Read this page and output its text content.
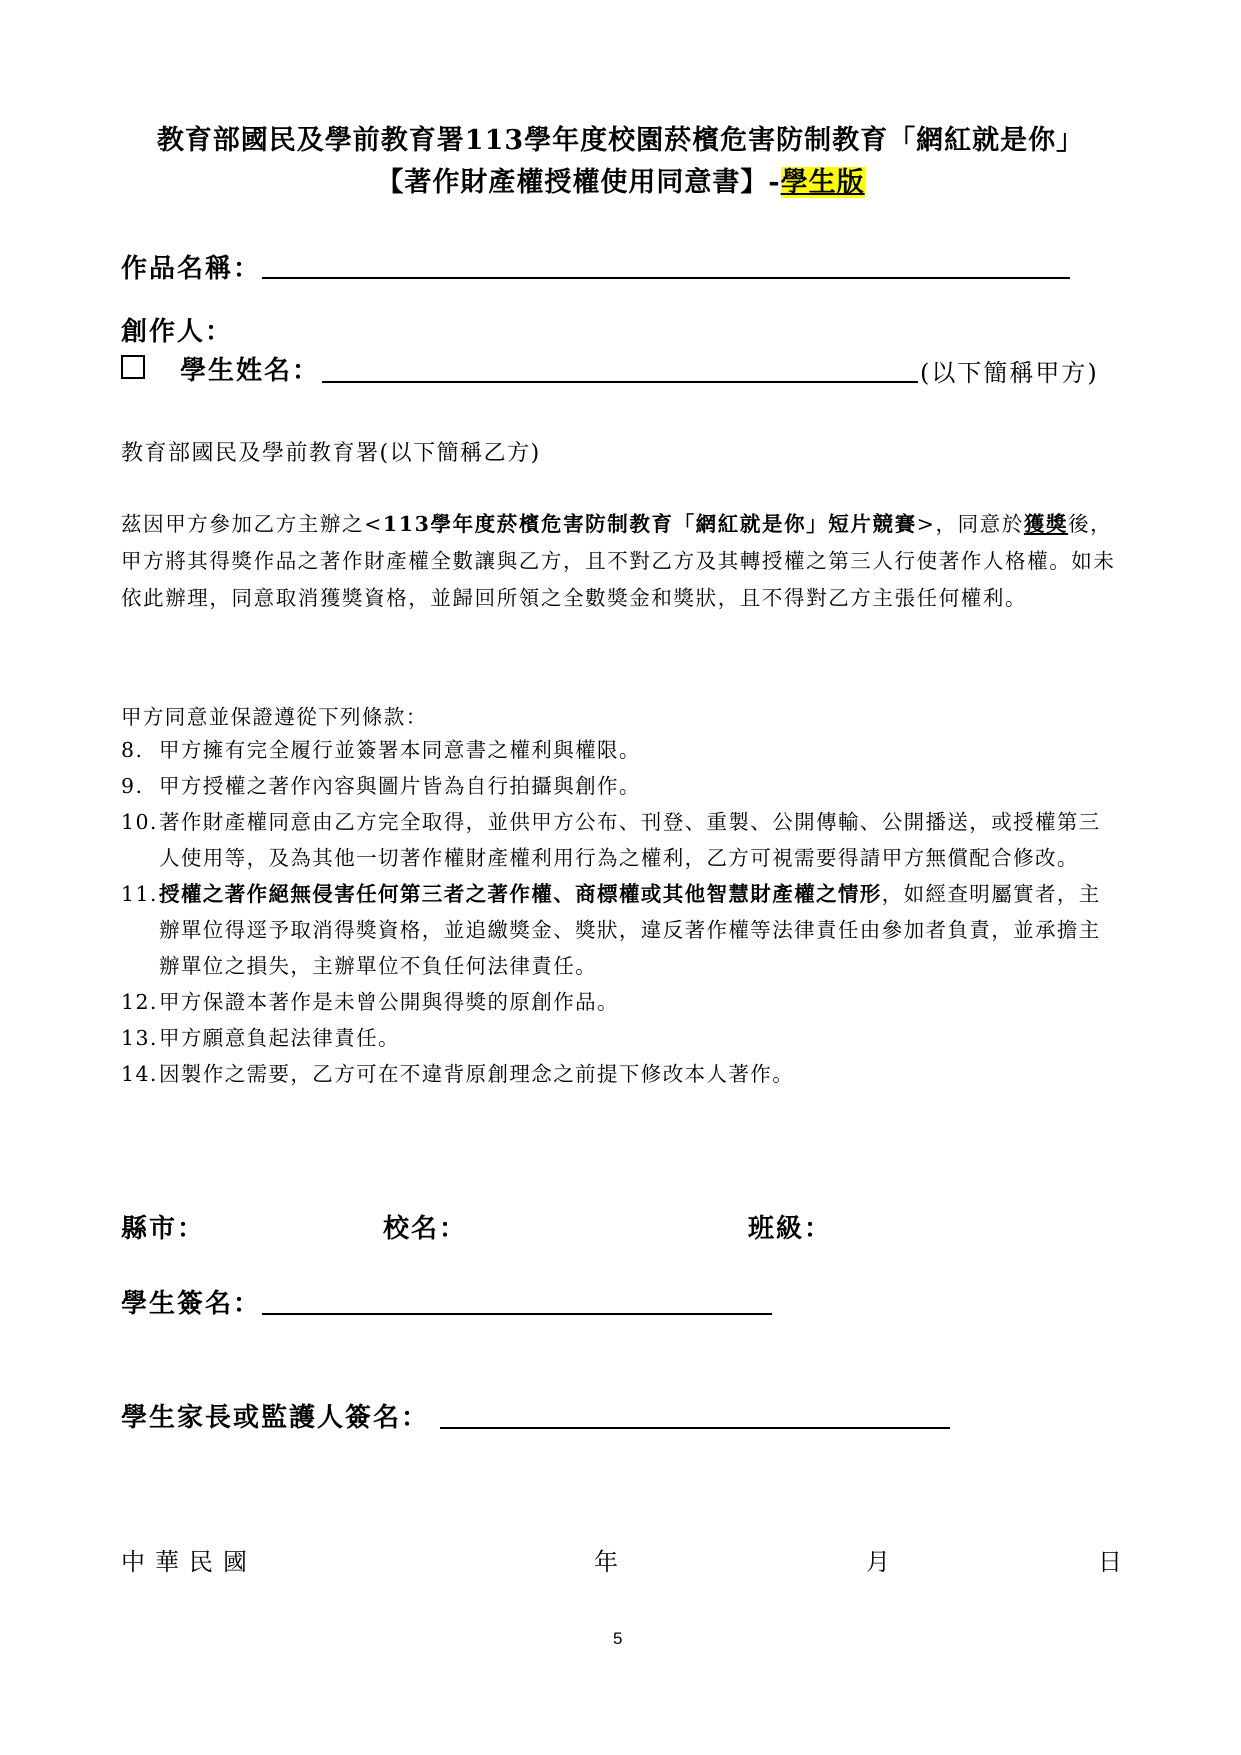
教育部國民及學前教育署113學年度校園菸檳危害防制教育「網紅就是你」
【著作財產權授權使用同意書】-學生版
作品名稱：
創作人：
學生姓名：	(以下簡稱甲方)
教育部國民及學前教育署(以下簡稱乙方)
茲因甲方參加乙方主辦之<113學年度菸檳危害防制教育「網紅就是你」短片競賽>，同意於獲獎後，甲方將其得獎作品之著作財產權全數讓與乙方，且不對乙方及其轉授權之第三人行使著作人格權。如未依此辦理，同意取消獲獎資格，並歸回所領之全數獎金和獎狀，且不得對乙方主張任何權利。
甲方同意並保證遵從下列條款：
8. 甲方擁有完全履行並簽署本同意書之權利與權限。
9. 甲方授權之著作內容與圖片皆為自行拍攝與創作。
10. 著作財產權同意由乙方完全取得，並供甲方公布、刊登、重製、公開傳輸、公開播送，或授權第三人使用等，及為其他一切著作權財產權利用行為之權利，乙方可視需要得請甲方無償配合修改。
11. 授權之著作絕無侵害任何第三者之著作權、商標權或其他智慧財產權之情形，如經查明屬實者，主辦單位得逕予取消得獎資格，並追繳獎金、獎狀，違反著作權等法律責任由參加者負責，並承擔主辦單位之損失，主辦單位不負任何法律責任。
12. 甲方保證本著作是未曾公開與得獎的原創作品。
13. 甲方願意負起法律責任。
14. 因製作之需要，乙方可在不違背原創理念之前提下修改本人著作。
縣市：	校名：	班級：
學生簽名：
學生家長或監護人簽名：
中華民國	年	月	日
5
